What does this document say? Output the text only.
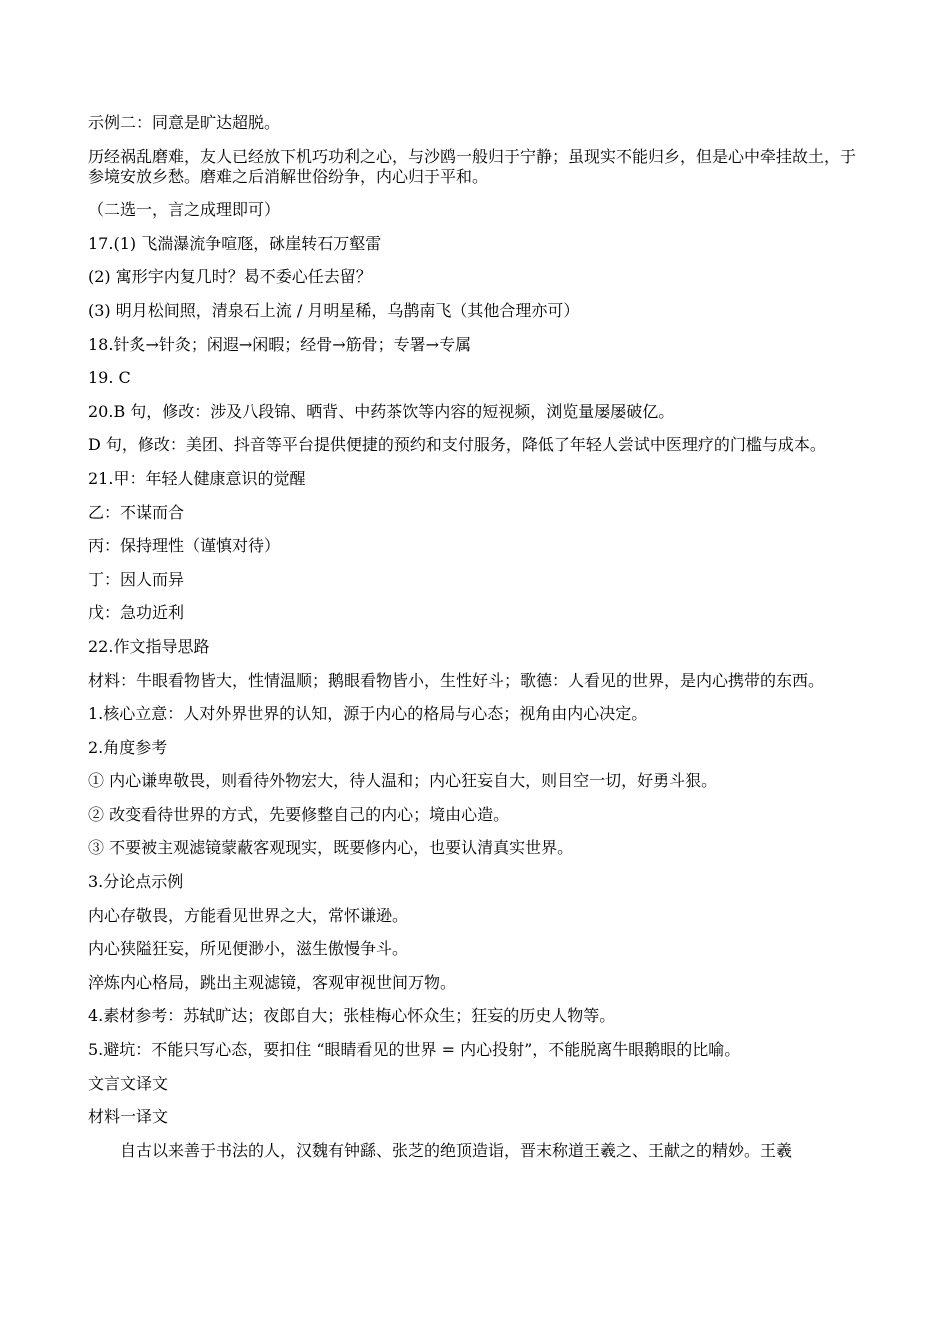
示例二：同意是旷达超脱。

历经祸乱磨难，友人已经放下机巧功利之心，与沙鸥一般归于宁静；虽现实不能归乡，但是心中牵挂故土，于参境安放乡愁。磨难之后消解世俗纷争，内心归于平和。

（二选一，言之成理即可）

17.(1) 飞湍瀑流争喧豗，砯崖转石万壑雷

(2) 寓形宇内复几时？曷不委心任去留？

(3) 明月松间照，清泉石上流 / 月明星稀，乌鹊南飞（其他合理亦可）

18.针炙→针灸；闲遐→闲暇；经骨→筋骨；专署→专属

19. C

20.B 句，修改：涉及八段锦、晒背、中药茶饮等内容的短视频，浏览量屡屡破亿。

D 句，修改：美团、抖音等平台提供便捷的预约和支付服务，降低了年轻人尝试中医理疗的门槛与成本。

21.甲：年轻人健康意识的觉醒

乙：不谋而合

丙：保持理性（谨慎对待）

丁：因人而异

戊：急功近利

22.作文指导思路

材料：牛眼看物皆大，性情温顺；鹅眼看物皆小，生性好斗；歌德：人看见的世界，是内心携带的东西。

1.核心立意：人对外界世界的认知，源于内心的格局与心态；视角由内心决定。

2.角度参考

① 内心谦卑敬畏，则看待外物宏大，待人温和；内心狂妄自大，则目空一切，好勇斗狠。

② 改变看待世界的方式，先要修整自己的内心；境由心造。

③ 不要被主观滤镜蒙蔽客观现实，既要修内心，也要认清真实世界。

3.分论点示例

内心存敬畏，方能看见世界之大，常怀谦逊。

内心狭隘狂妄，所见便渺小，滋生傲慢争斗。

淬炼内心格局，跳出主观滤镜，客观审视世间万物。

4.素材参考：苏轼旷达；夜郎自大；张桂梅心怀众生；狂妄的历史人物等。

5.避坑：不能只写心态，要扣住 “眼睛看见的世界 = 内心投射”，不能脱离牛眼鹅眼的比喻。

文言文译文

材料一译文

自古以来善于书法的人，汉魏有钟繇、张芝的绝顶造诣，晋末称道王羲之、王献之的精妙。王羲
